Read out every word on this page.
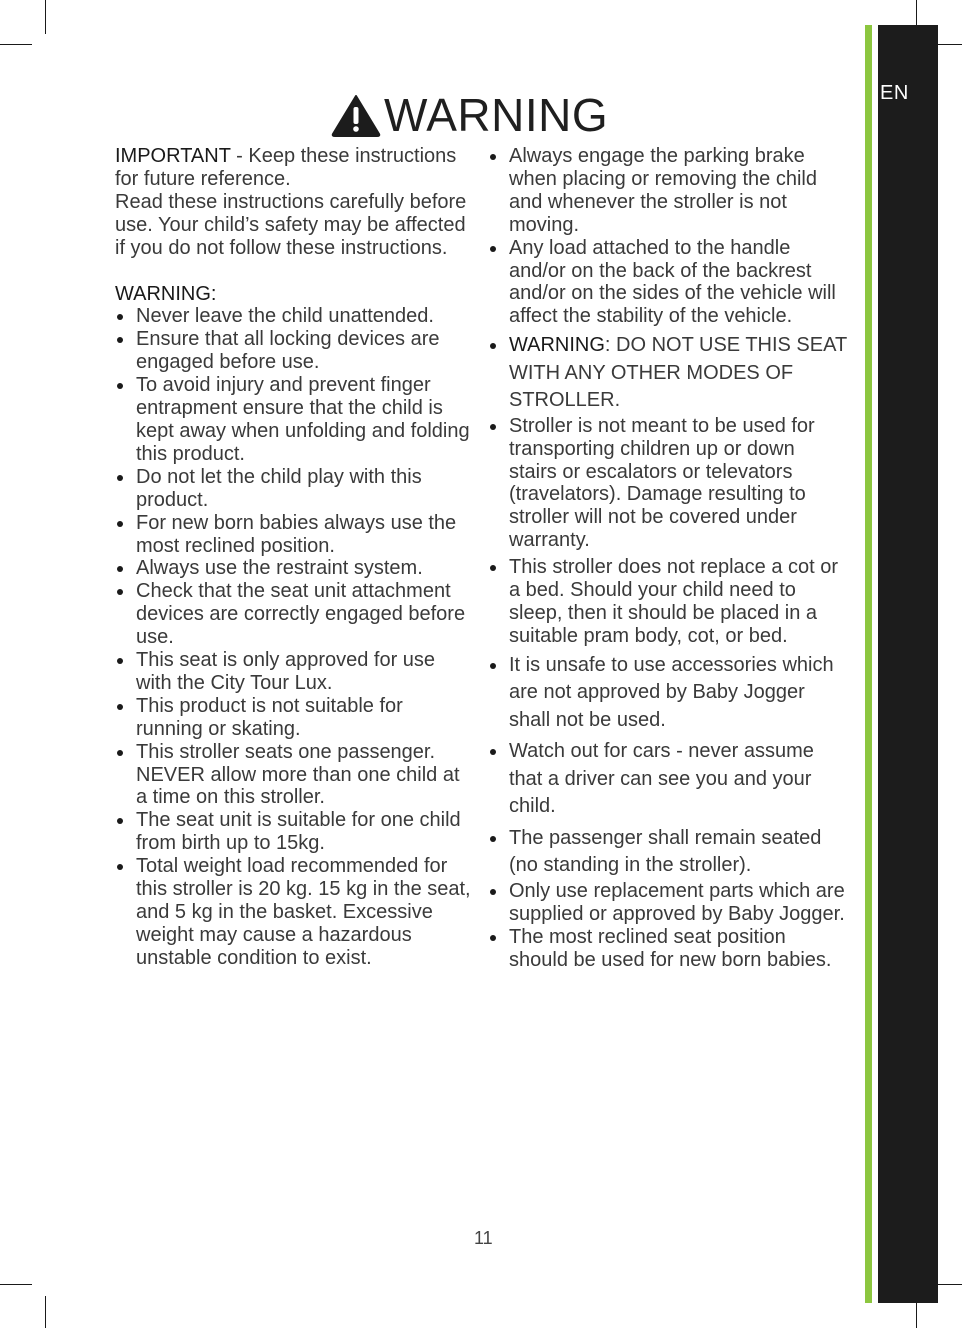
EN
WARNING

IMPORTANT - Keep these instructions for future reference.

Read these instructions carefully before use. Your child’s safety may be affected if you do not follow these instructions.

WARNING:

Never leave the child unattended.
Ensure that all locking devices are engaged before use.
To avoid injury and prevent finger entrapment ensure that the child is kept away when unfolding and folding this product.
Do not let the child play with this product.
For new born babies always use the most reclined position.
Always use the restraint system.
Check that the seat unit attachment devices are correctly engaged before use.
This seat is only approved for use with the City Tour Lux.
This product is not suitable for running or skating.
This stroller seats one passenger. NEVER allow more than one child at a time on this stroller.
The seat unit is suitable for one child from birth up to 15kg.
Total weight load recommended for this stroller is 20 kg. 15 kg in the seat, and 5 kg in the basket. Excessive weight may cause a hazardous unstable condition to exist.
Always engage the parking brake when placing or removing the child and whenever the stroller is not moving.
Any load attached to the handle and/or on the back of the backrest and/or on the sides of the vehicle will affect the stability of the vehicle.
WARNING: DO NOT USE THIS SEAT WITH ANY OTHER MODES OF STROLLER.
Stroller is not meant to be used for transporting children up or down stairs or escalators or televators (travelators). Damage resulting to stroller will not be covered under warranty.
This stroller does not replace a cot or a bed. Should your child need to sleep, then it should be placed in a suitable pram body, cot, or bed.
It is unsafe to use accessories which are not approved by Baby Jogger shall not be used.
Watch out for cars - never assume that a driver can see you and your child.
The passenger shall remain seated (no standing in the stroller).
Only use replacement parts which are supplied or approved by Baby Jogger.
The most reclined seat position should be used for new born babies.
11
